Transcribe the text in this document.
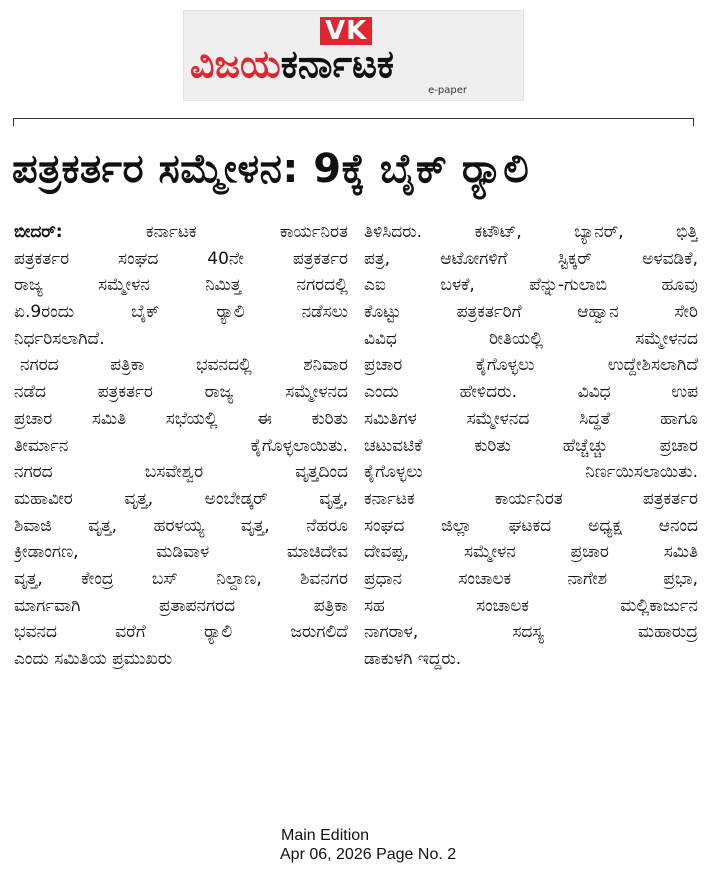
VK
ವಿಜಯಕರ್ನಾಟಕ
e-paper
ಪತ್ರಕರ್ತರ ಸಮ್ಮೇಳನ: 9ಕ್ಕೆ ಬೈಕ್‌ ರ‍್ಯಾಲಿ
ಬೀದರ್‌:	ಕರ್ನಾಟಕ ಕಾರ್ಯನಿರತ
ಪತ್ರಕರ್ತರ ಸಂಘದ 40ನೇ ಪತ್ರಕರ್ತರ
ರಾಜ್ಯ ಸಮ್ಮೇಳನ ನಿಮಿತ್ತ ನಗರದಲ್ಲಿ
ಏ.9ರಂದು ಬೈಕ್‌ ರ‍್ಯಾಲಿ ನಡೆಸಲು
ನಿರ್ಧರಿಸಲಾಗಿದೆ.
ನಗರದ ಪತ್ರಿಕಾ ಭವನದಲ್ಲಿ ಶನಿವಾರ
ನಡೆದ ಪತ್ರಕರ್ತರ ರಾಜ್ಯ ಸಮ್ಮೇಳನದ
ಪ್ರಚಾರ ಸಮಿತಿ ಸಭೆಯಲ್ಲಿ ಈ ಕುರಿತು
ತೀರ್ಮಾನ ಕೈಗೊಳ್ಳಲಾಯಿತು.
ನಗರದ ಬಸವೇಶ್ವರ ವೃತ್ತದಿಂದ
ಮಹಾವೀರ ವೃತ್ತ, ಅಂಬೇಡ್ಕರ್‌ ವೃತ್ತ,
ಶಿವಾಜಿ ವೃತ್ತ, ಹರಳಯ್ಯ ವೃತ್ತ, ನೆಹರೂ
ಕ್ರೀಡಾಂಗಣ, ಮಡಿವಾಳ ಮಾಚಿದೇವ
ವೃತ್ತ, ಕೇಂದ್ರ ಬಸ್‌ ನಿಲ್ದಾಣ, ಶಿವನಗರ
ಮಾರ್ಗವಾಗಿ ಪ್ರತಾಪನಗರದ ಪತ್ರಿಕಾ
ಭವನದ ವರೆಗೆ ರ‍್ಯಾಲಿ ಜರುಗಲಿದೆ
ಎಂದು ಸಮಿತಿಯ ಪ್ರಮುಖರು
ತಿಳಿಸಿದರು. ಕಟೌಟ್‌, ಬ್ಯಾನರ್‌, ಭಿತ್ತಿ
ಪತ್ರ, ಆಟೋಗಳಿಗೆ ಸ್ಟಿಕ್ಕರ್‌ ಅಳವಡಿಕೆ,
ಎಐ ಬಳಕೆ, ಪೆನ್ನು-ಗುಲಾಬಿ ಹೂವು
ಕೊಟ್ಟು ಪತ್ರಕರ್ತರಿಗೆ ಆಹ್ವಾನ ಸೇರಿ
ವಿವಿಧ ರೀತಿಯಲ್ಲಿ ಸಮ್ಮೇಳನದ
ಪ್ರಚಾರ ಕೈಗೊಳ್ಳಲು ಉದ್ದೇಶಿಸಲಾಗಿದೆ
ಎಂದು ಹೇಳಿದರು. ವಿವಿಧ ಉಪ
ಸಮಿತಿಗಳ ಸಮ್ಮೇಳನದ ಸಿದ್ಧತೆ ಹಾಗೂ
ಚಟುವಟಿಕೆ ಕುರಿತು ಹೆಚ್ಚೆಚ್ಚು ಪ್ರಚಾರ
ಕೈಗೊಳ್ಳಲು ನಿರ್ಣಯಿಸಲಾಯಿತು.
ಕರ್ನಾಟಕ ಕಾರ್ಯನಿರತ ಪತ್ರಕರ್ತರ
ಸಂಘದ ಜಿಲ್ಲಾ ಘಟಕದ ಅಧ್ಯಕ್ಷ ಆನಂದ
ದೇವಪ್ಪ, ಸಮ್ಮೇಳನ ಪ್ರಚಾರ ಸಮಿತಿ
ಪ್ರಧಾನ ಸಂಚಾಲಕ ನಾಗೇಶ ಪ್ರಭಾ,
ಸಹ ಸಂಚಾಲಕ ಮಲ್ಲಿಕಾರ್ಜುನ
ನಾಗರಾಳ, ಸದಸ್ಯ ಮಹಾರುದ್ರ
ಡಾಕುಳಗಿ ಇದ್ದರು.
Main Edition
Apr 06, 2026 Page No. 2
